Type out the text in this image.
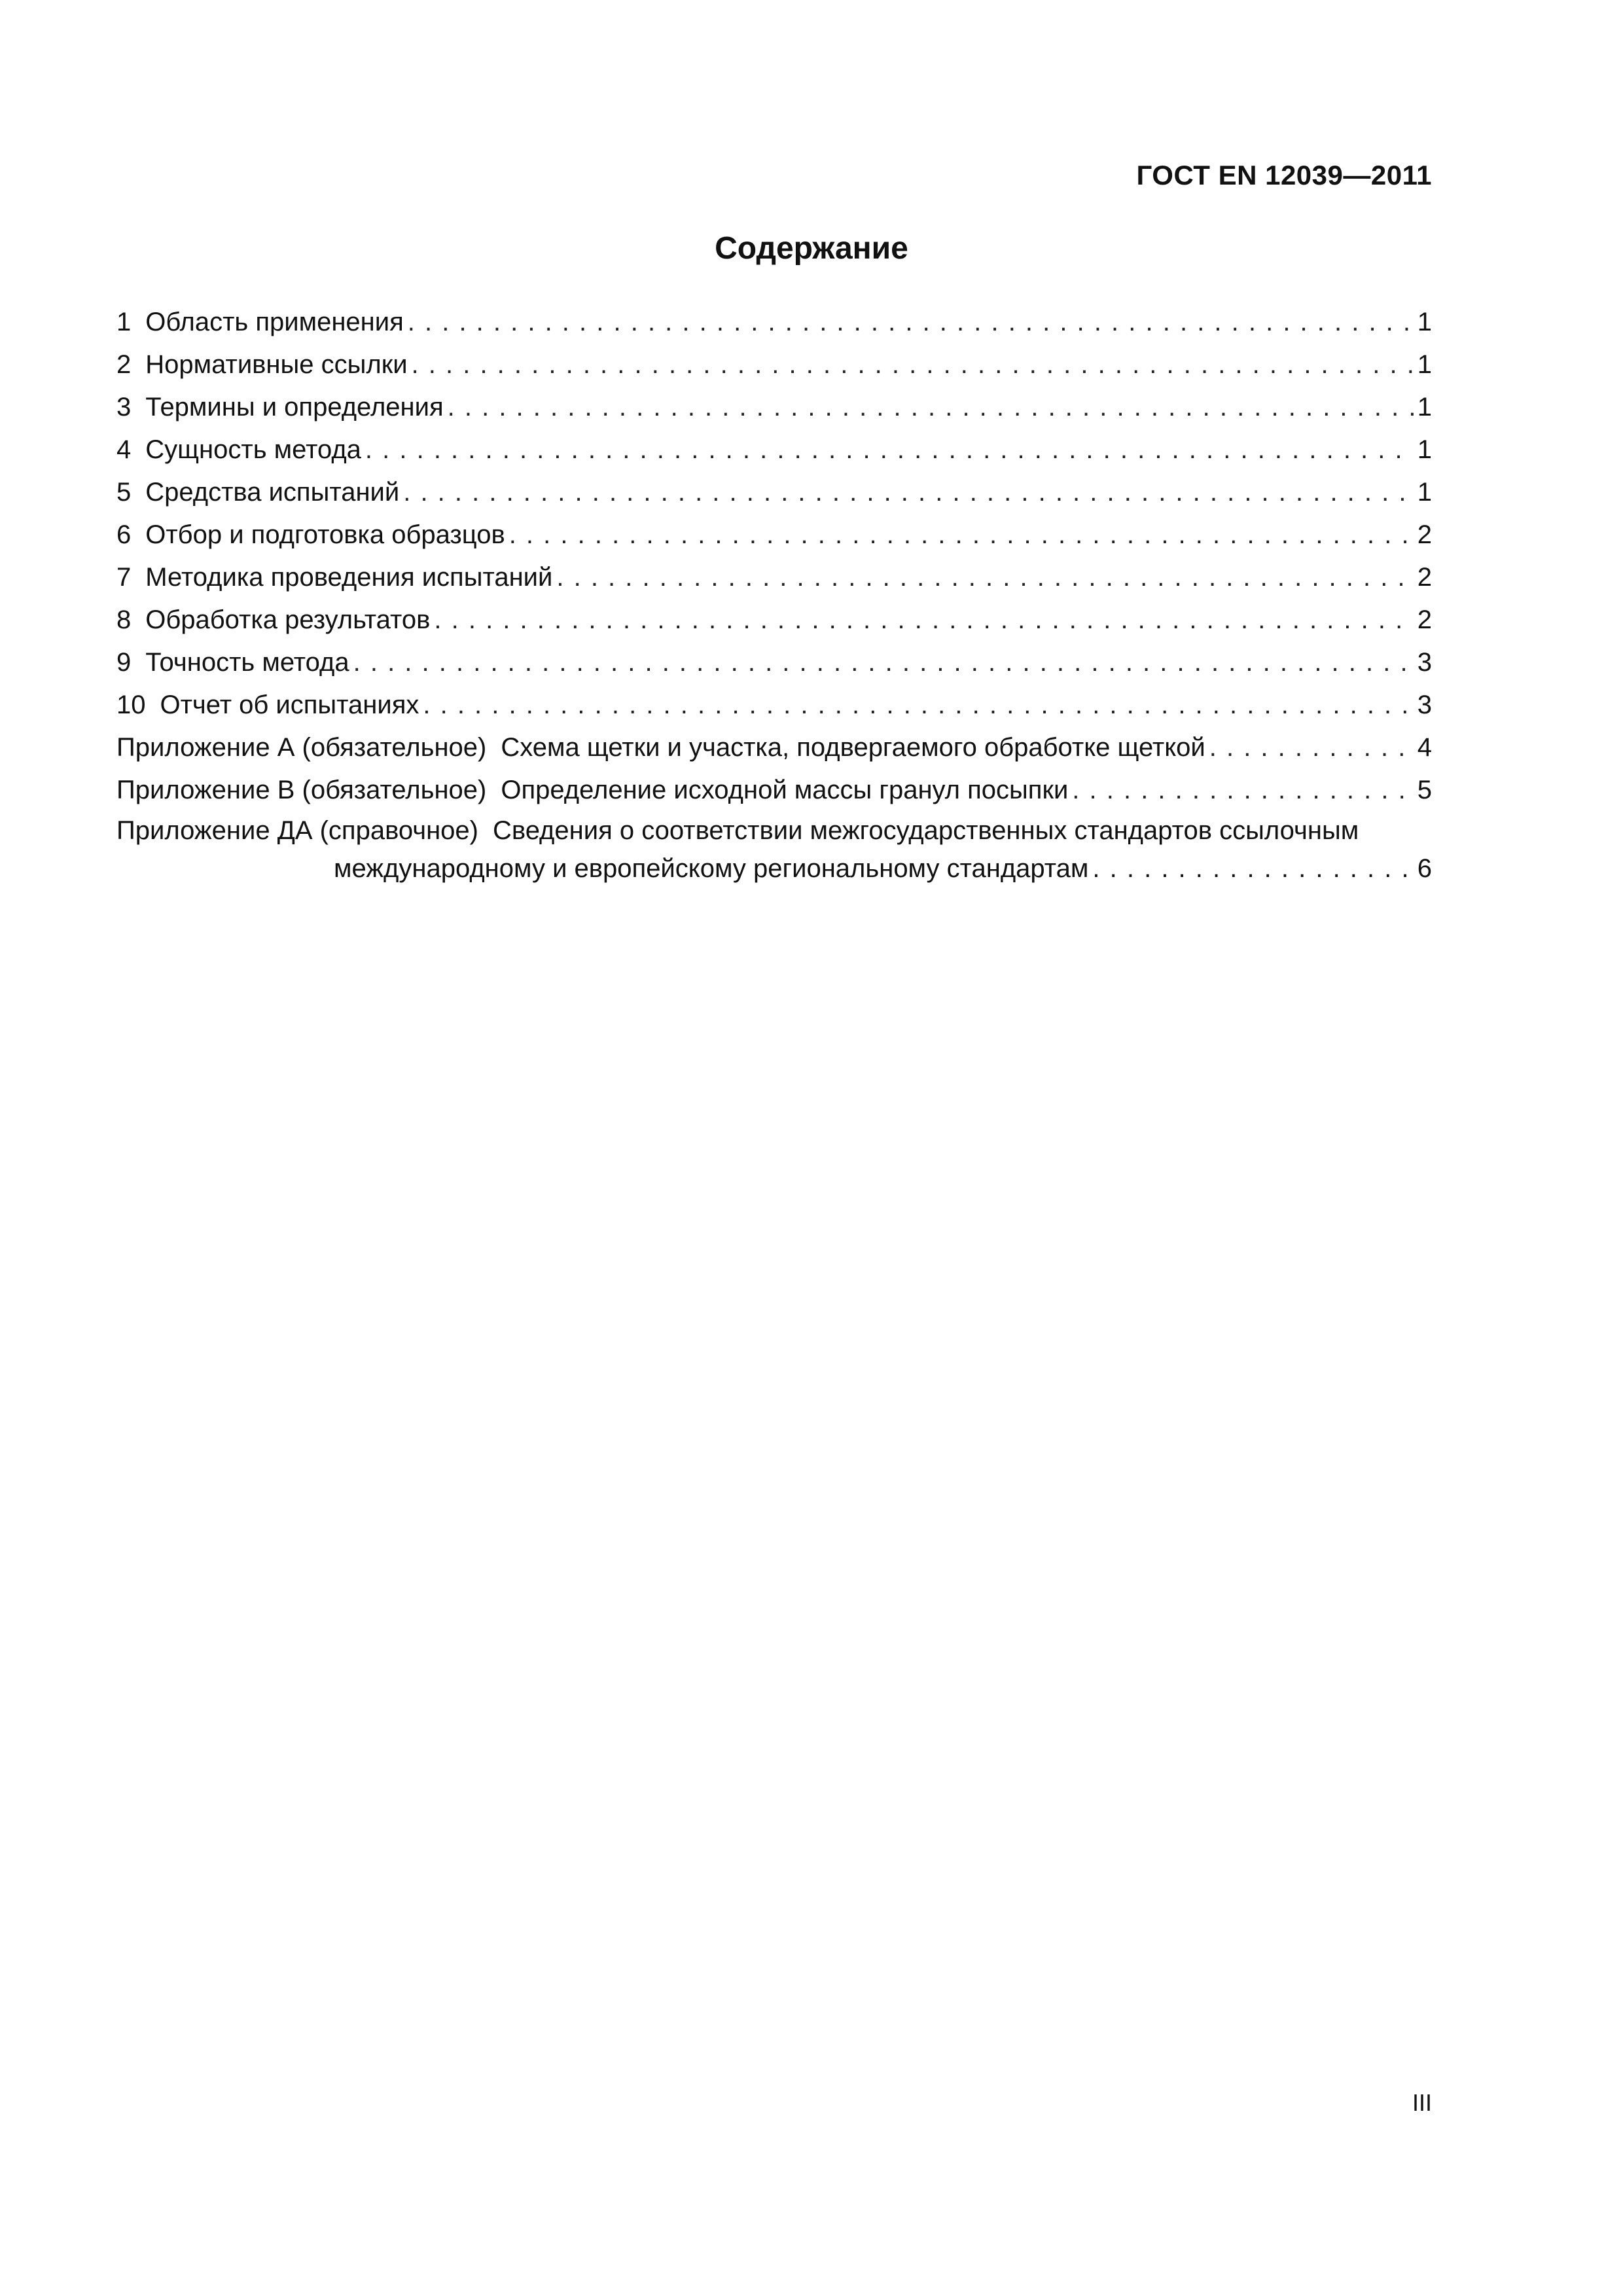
ГОСТ EN 12039—2011
Содержание
1 Область применения . . .	1
2 Нормативные ссылки . . .	1
3 Термины и определения . . .	1
4 Сущность метода . . .	1
5 Средства испытаний . . .	1
6 Отбор и подготовка образцов . . .	2
7 Методика проведения испытаний . . .	2
8 Обработка результатов . . .	2
9 Точность метода . . .	3
10 Отчет об испытаниях . . .	3
Приложение А (обязательное) Схема щетки и участка, подвергаемого обработке щеткой . . .	4
Приложение В (обязательное) Определение исходной массы гранул посыпки . . .	5
Приложение ДА (справочное) Сведения о соответствии межгосударственных стандартов ссылочным
международному и европейскому региональному стандартам . . .	6
III
